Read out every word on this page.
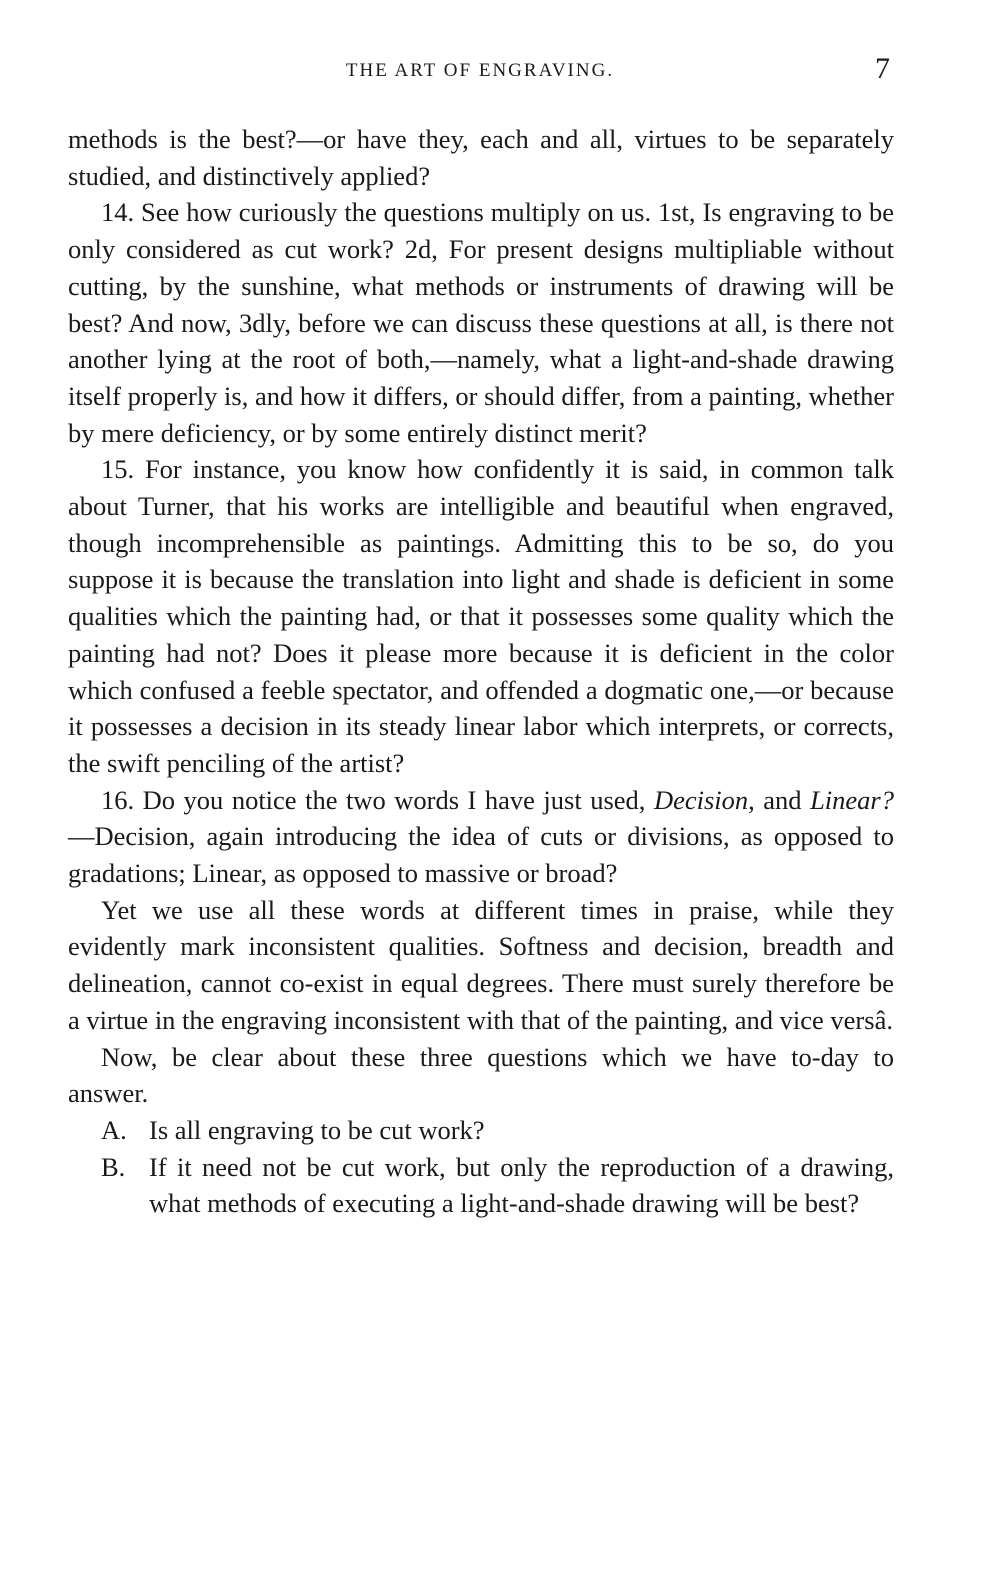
THE ART OF ENGRAVING.	7

methods is the best?—or have they, each and all, virtues to be separately studied, and distinctively applied?

14. See how curiously the questions multiply on us. 1st, Is engraving to be only considered as cut work? 2d, For present designs multipliable without cutting, by the sunshine, what methods or instruments of drawing will be best? And now, 3dly, before we can discuss these questions at all, is there not another lying at the root of both,—namely, what a light-and-shade drawing itself properly is, and how it differs, or should differ, from a painting, whether by mere deficiency, or by some entirely distinct merit?

15. For instance, you know how confidently it is said, in common talk about Turner, that his works are intelligible and beautiful when engraved, though incomprehensible as paintings. Admitting this to be so, do you suppose it is because the translation into light and shade is deficient in some qualities which the painting had, or that it possesses some quality which the painting had not? Does it please more because it is deficient in the color which confused a feeble spectator, and offended a dogmatic one,—or because it possesses a decision in its steady linear labor which interprets, or corrects, the swift penciling of the artist?

16. Do you notice the two words I have just used, Decision, and Linear?—Decision, again introducing the idea of cuts or divisions, as opposed to gradations; Linear, as opposed to massive or broad?

Yet we use all these words at different times in praise, while they evidently mark inconsistent qualities. Softness and decision, breadth and delineation, cannot co-exist in equal degrees. There must surely therefore be a virtue in the engraving inconsistent with that of the painting, and vice versâ.

Now, be clear about these three questions which we have to-day to answer.

A. Is all engraving to be cut work?
B. If it need not be cut work, but only the reproduction of a drawing, what methods of executing a light-and-shade drawing will be best?
